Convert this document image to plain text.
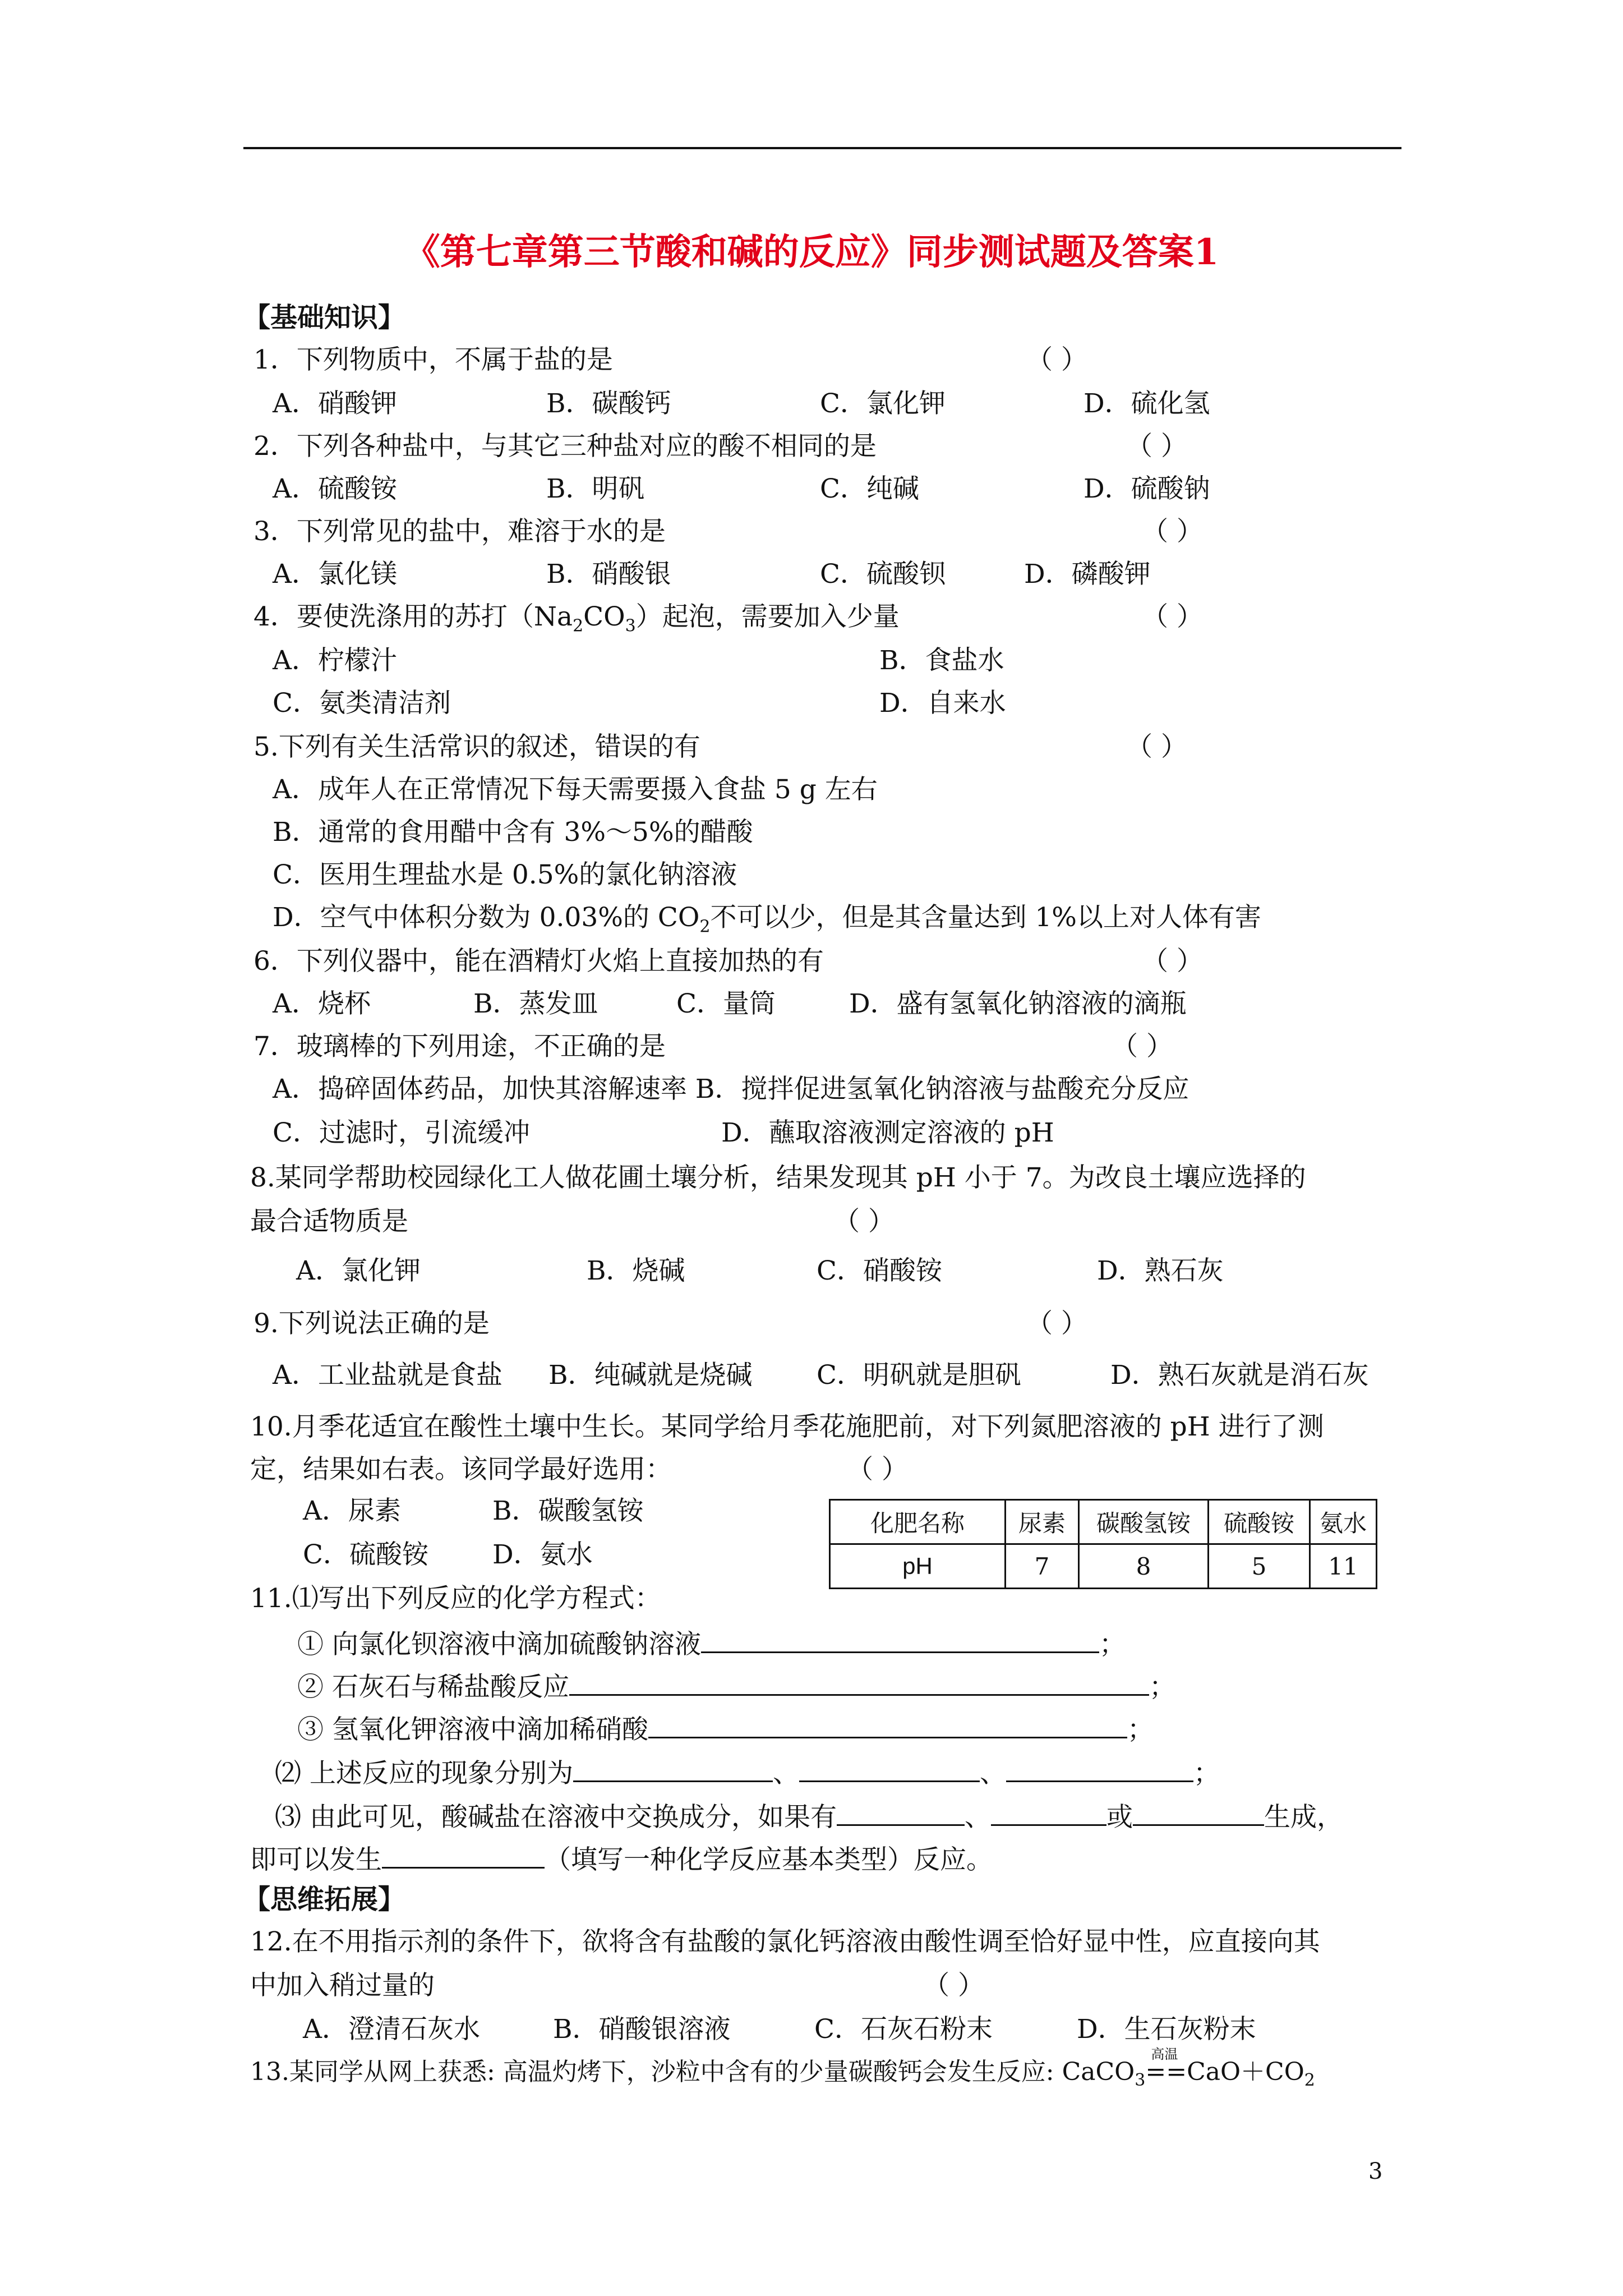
《第七章第三节酸和碱的反应》同步测试题及答案1
【基础知识】
1．下列物质中，不属于盐的是	（ ）
A．硝酸钾	B．碳酸钙	C．氯化钾	D．硫化氢
2．下列各种盐中，与其它三种盐对应的酸不相同的是	（ ）
A．硫酸铵	B．明矾	C．纯碱	D．硫酸钠
3．下列常见的盐中，难溶于水的是	（ ）
A．氯化镁	B．硝酸银	C．硫酸钡	D．磷酸钾
4．要使洗涤用的苏打$(Na_2CO_3)$起泡，需要加入少量	（ ）
A．柠檬汁	B．食盐水
C．氨类清洁剂	D．自来水
5.下列有关生活常识的叙述，错误的有	（ ）
A．成年人在正常情况下每天需要摄入食盐 5 g 左右
B．通常的食用醋中含有 3%～5%的醋酸
C．医用生理盐水是 0.5%的氯化钠溶液
D．空气中体积分数为 0.03%的 $CO_2$不可以少，但是其含量达到 1%以上对人体有害
6．下列仪器中，能在酒精灯火焰上直接加热的有	（ ）
A．烧杯	B．蒸发皿	C．量筒	D．盛有氢氧化钠溶液的滴瓶
7．玻璃棒的下列用途，不正确的是	（ ）
A．捣碎固体药品，加快其溶解速率 B．搅拌促进氢氧化钠溶液与盐酸充分反应
C．过滤时，引流缓冲	D．蘸取溶液测定溶液的 pH
8.某同学帮助校园绿化工人做花圃土壤分析，结果发现其 pH 小于 7。为改良土壤应选择的
最合适物质是	（ ）
A．氯化钾	B．烧碱	C．硝酸铵	D．熟石灰
9.下列说法正确的是	（ ）
A．工业盐就是食盐 B．纯碱就是烧碱 C．明矾就是胆矾	D．熟石灰就是消石灰
10.月季花适宜在酸性土壤中生长。某同学给月季花施肥前，对下列氮肥溶液的 pH 进行了测
定，结果如右表。该同学最好选用：	（ ）
A．尿素	B．碳酸氢铵
C．硫酸铵 D．氨水
化肥名称	尿素	碳酸氢铵	硫酸铵	氨水
pH	7	8	5	11
11.⑴写出下列反应的化学方程式：
① 向氯化钡溶液中滴加硫酸钠溶液	；
② 石灰石与稀盐酸反应	；
③ 氢氧化钾溶液中滴加稀硝酸	；
⑵ 上述反应的现象分别为	、	、	；
⑶ 由此可见，酸碱盐在溶液中交换成分，如果有	、	或	生成，
即可以发生	（填写一种化学反应基本类型）反应。
【思维拓展】
12.在不用指示剂的条件下，欲将含有盐酸的氯化钙溶液由酸性调至恰好显中性，应直接向其
中加入稍过量的	（ ）
A．澄清石灰水	B．硝酸银溶液	C．石灰石粉末	D．生石灰粉末
13.某同学从网上获悉: 高温灼烤下，沙粒中含有的少量碳酸钙会发生反应: CaCO$_3$
高温
$==CaO+CO_2$
3
